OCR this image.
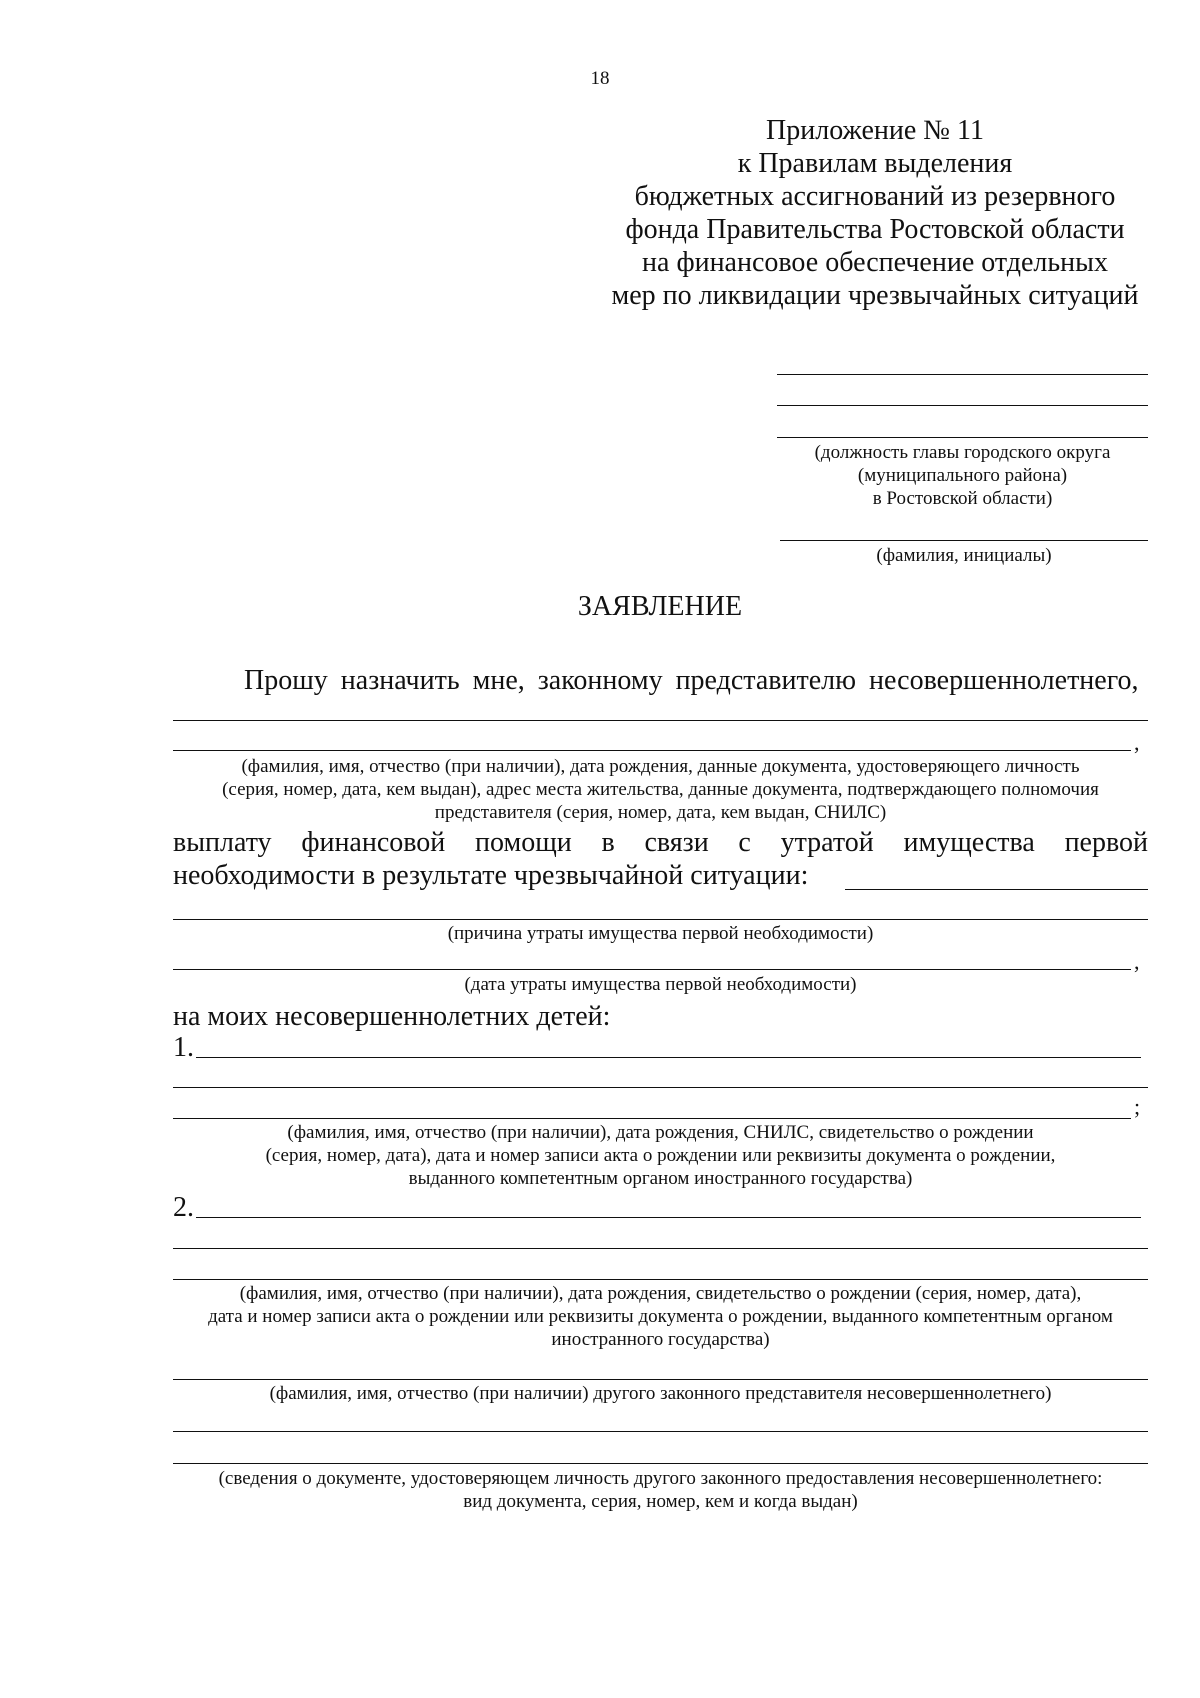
18
Приложение № 11
к Правилам выделения
бюджетных ассигнований из резервного
фонда Правительства Ростовской области
на финансовое обеспечение отдельных
мер по ликвидации чрезвычайных ситуаций
(должность главы городского округа
(муниципального района)
в Ростовской области)
(фамилия, инициалы)
ЗАЯВЛЕНИЕ
Прошу назначить мне, законному представителю несовершеннолетнего,
,
(фамилия, имя, отчество (при наличии), дата рождения, данные документа, удостоверяющего личность
(серия, номер, дата, кем выдан), адрес места жительства, данные документа, подтверждающего полномочия
представителя (серия, номер, дата, кем выдан, СНИЛС)
выплату финансовой помощи в связи с утратой имущества первой
необходимости в результате чрезвычайной ситуации:
(причина утраты имущества первой необходимости)
,
(дата утраты имущества первой необходимости)
на моих несовершеннолетних детей:
1.
;
(фамилия, имя, отчество (при наличии), дата рождения, СНИЛС, свидетельство о рождении
(серия, номер, дата), дата и номер записи акта о рождении или реквизиты документа о рождении,
выданного компетентным органом иностранного государства)
2.
(фамилия, имя, отчество (при наличии), дата рождения, свидетельство о рождении (серия, номер, дата),
дата и номер записи акта о рождении или реквизиты документа о рождении, выданного компетентным органом
иностранного государства)
(фамилия, имя, отчество (при наличии) другого законного представителя несовершеннолетнего)
(сведения о документе, удостоверяющем личность другого законного предоставления несовершеннолетнего:
вид документа, серия, номер, кем и когда выдан)
